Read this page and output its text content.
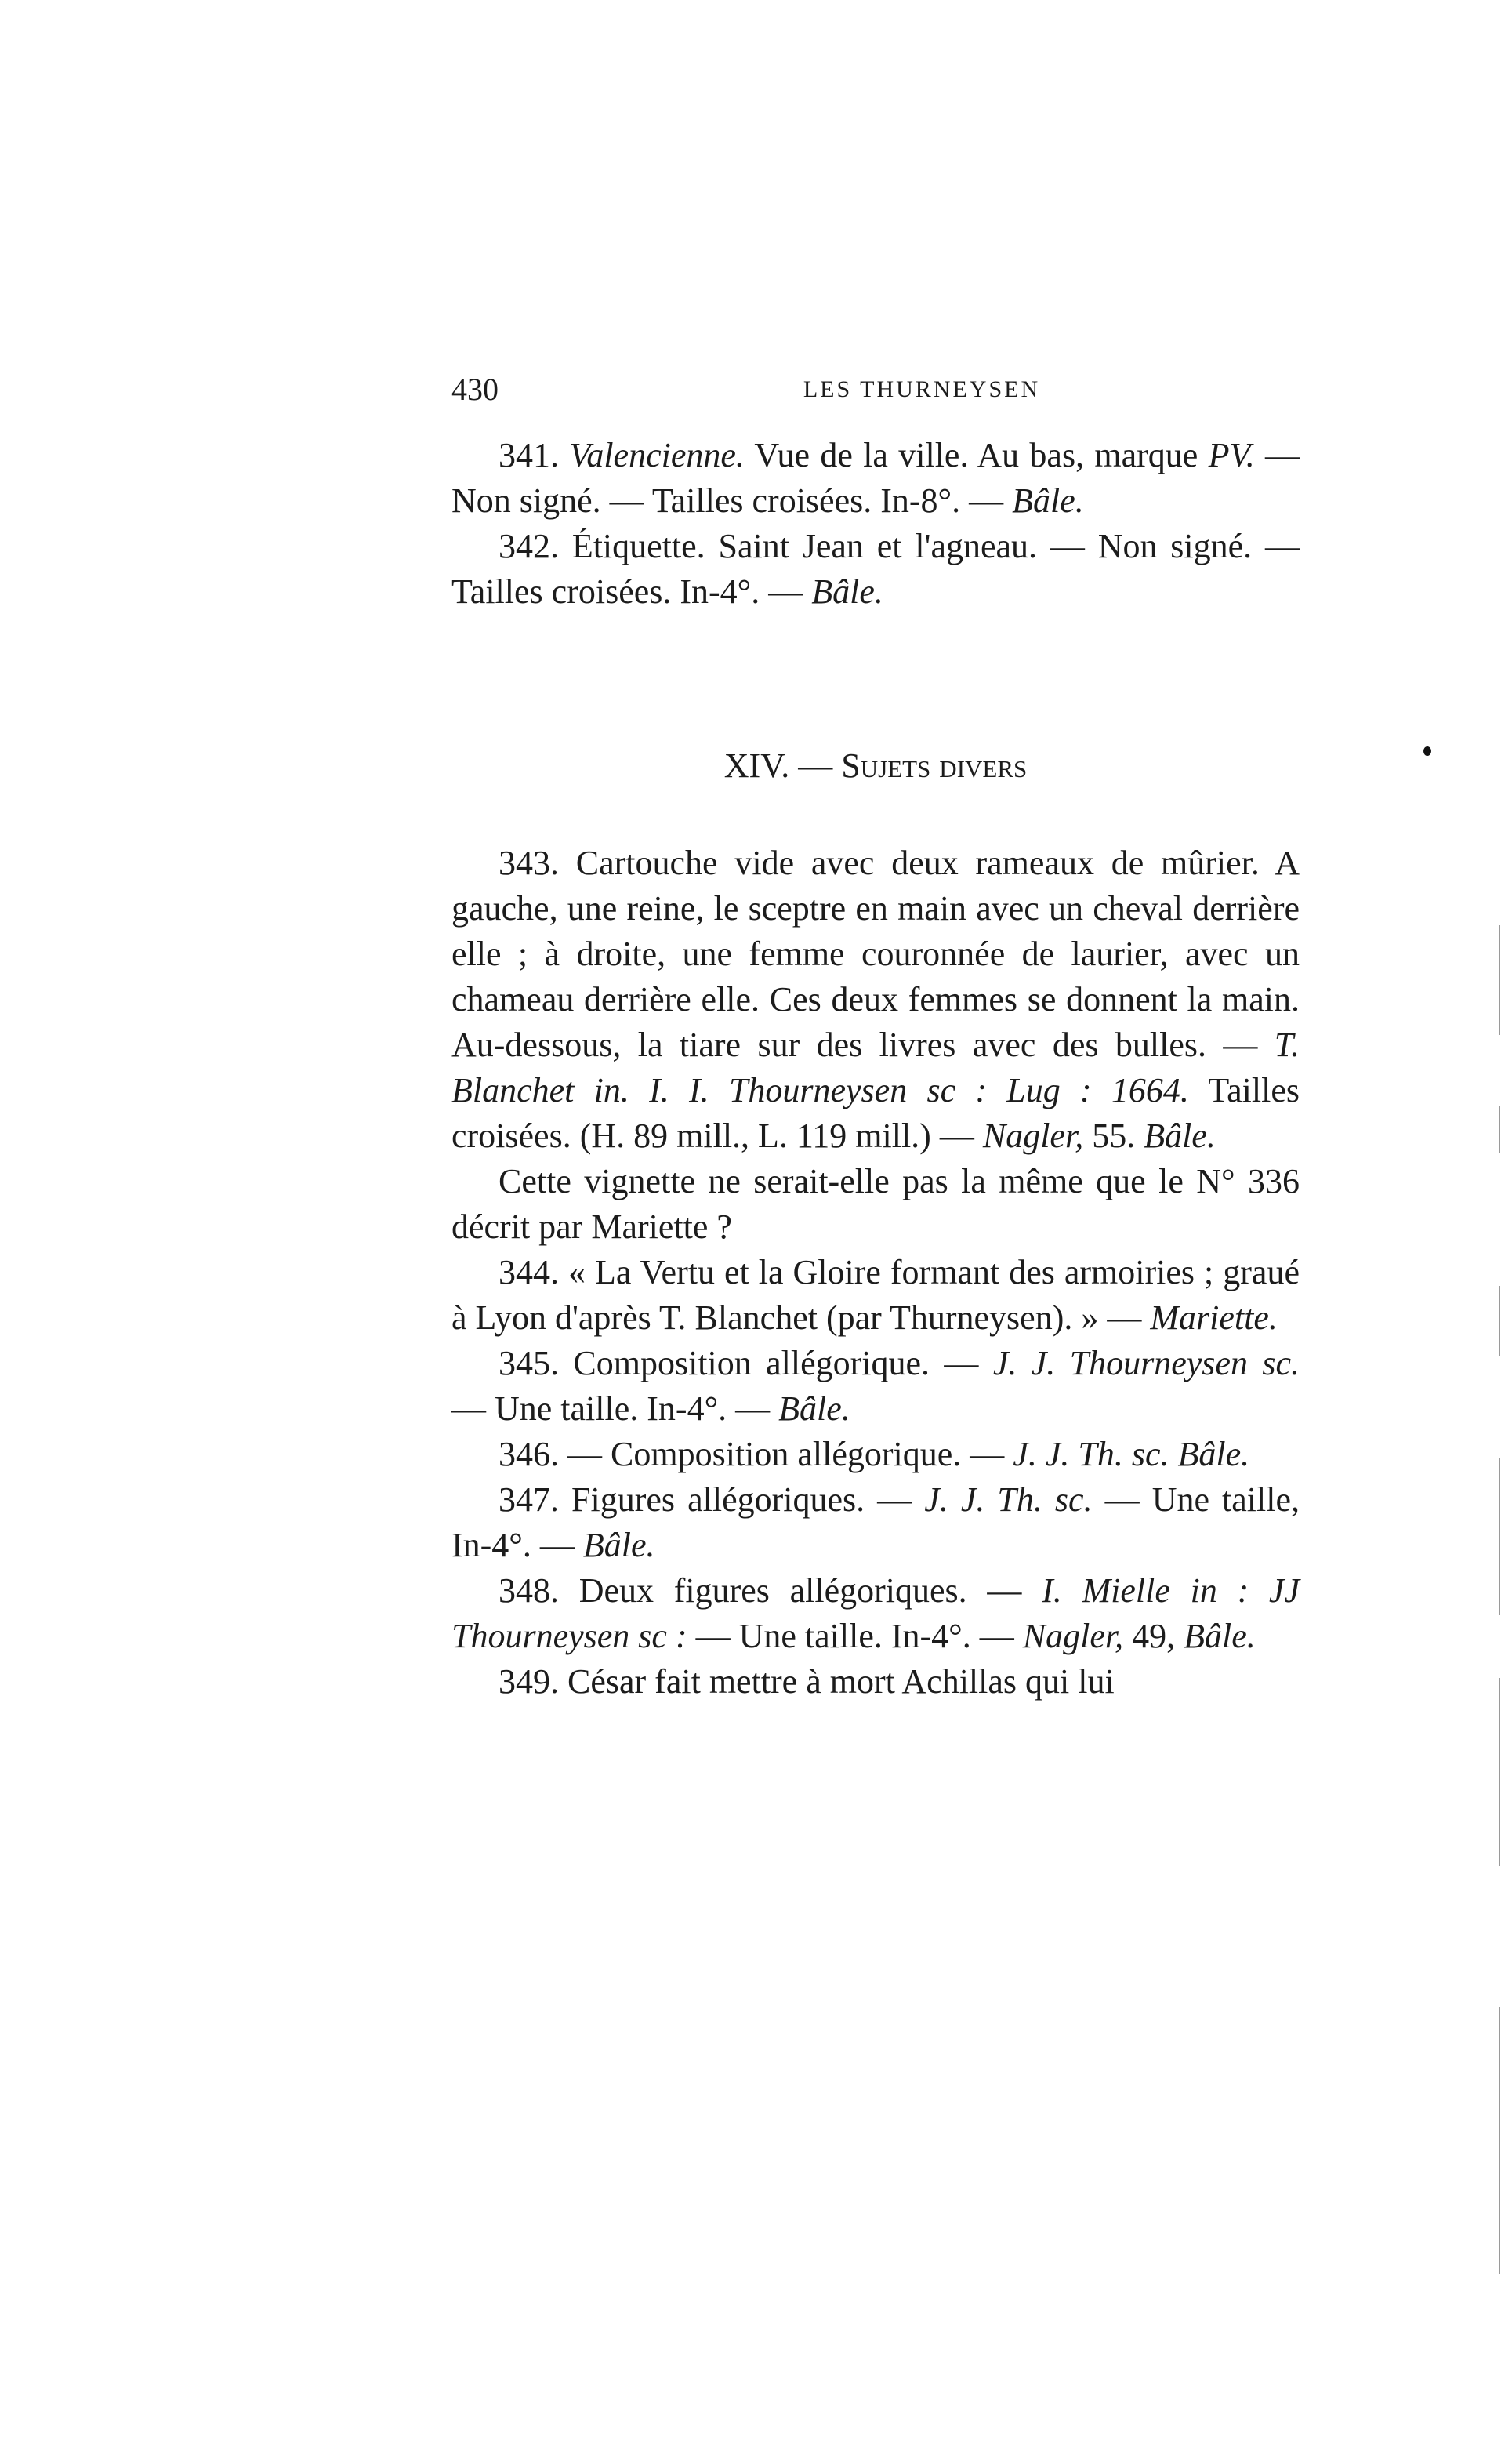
430	LES THURNEYSEN

341. Valencienne. Vue de la ville. Au bas, marque PV. — Non signé. — Tailles croisées. In-8°. — Bâle.

342. Étiquette. Saint Jean et l'agneau. — Non signé. — Tailles croisées. In-4°. — Bâle.

XIV. — Sujets divers

343. Cartouche vide avec deux rameaux de mûrier. A gauche, une reine, le sceptre en main avec un cheval derrière elle ; à droite, une femme couronnée de laurier, avec un chameau derrière elle. Ces deux femmes se donnent la main. Au-dessous, la tiare sur des livres avec des bulles. — T. Blanchet in. I. I. Thourneysen sc : Lug : 1664. Tailles croisées. (H. 89 mill., L. 119 mill.) — Nagler, 55. Bâle.

Cette vignette ne serait-elle pas la même que le N° 336 décrit par Mariette ?

344. « La Vertu et la Gloire formant des armoiries ; graué à Lyon d'après T. Blanchet (par Thurneysen). » — Mariette.

345. Composition allégorique. — J. J. Thourneysen sc. — Une taille. In-4°. — Bâle.

346. — Composition allégorique. — J. J. Th. sc. Bâle.

347. Figures allégoriques. — J. J. Th. sc. — Une taille, In-4°. — Bâle.

348. Deux figures allégoriques. — I. Mielle in : JJ Thourneysen sc : — Une taille. In-4°. — Nagler, 49, Bâle.

349. César fait mettre à mort Achillas qui lui
